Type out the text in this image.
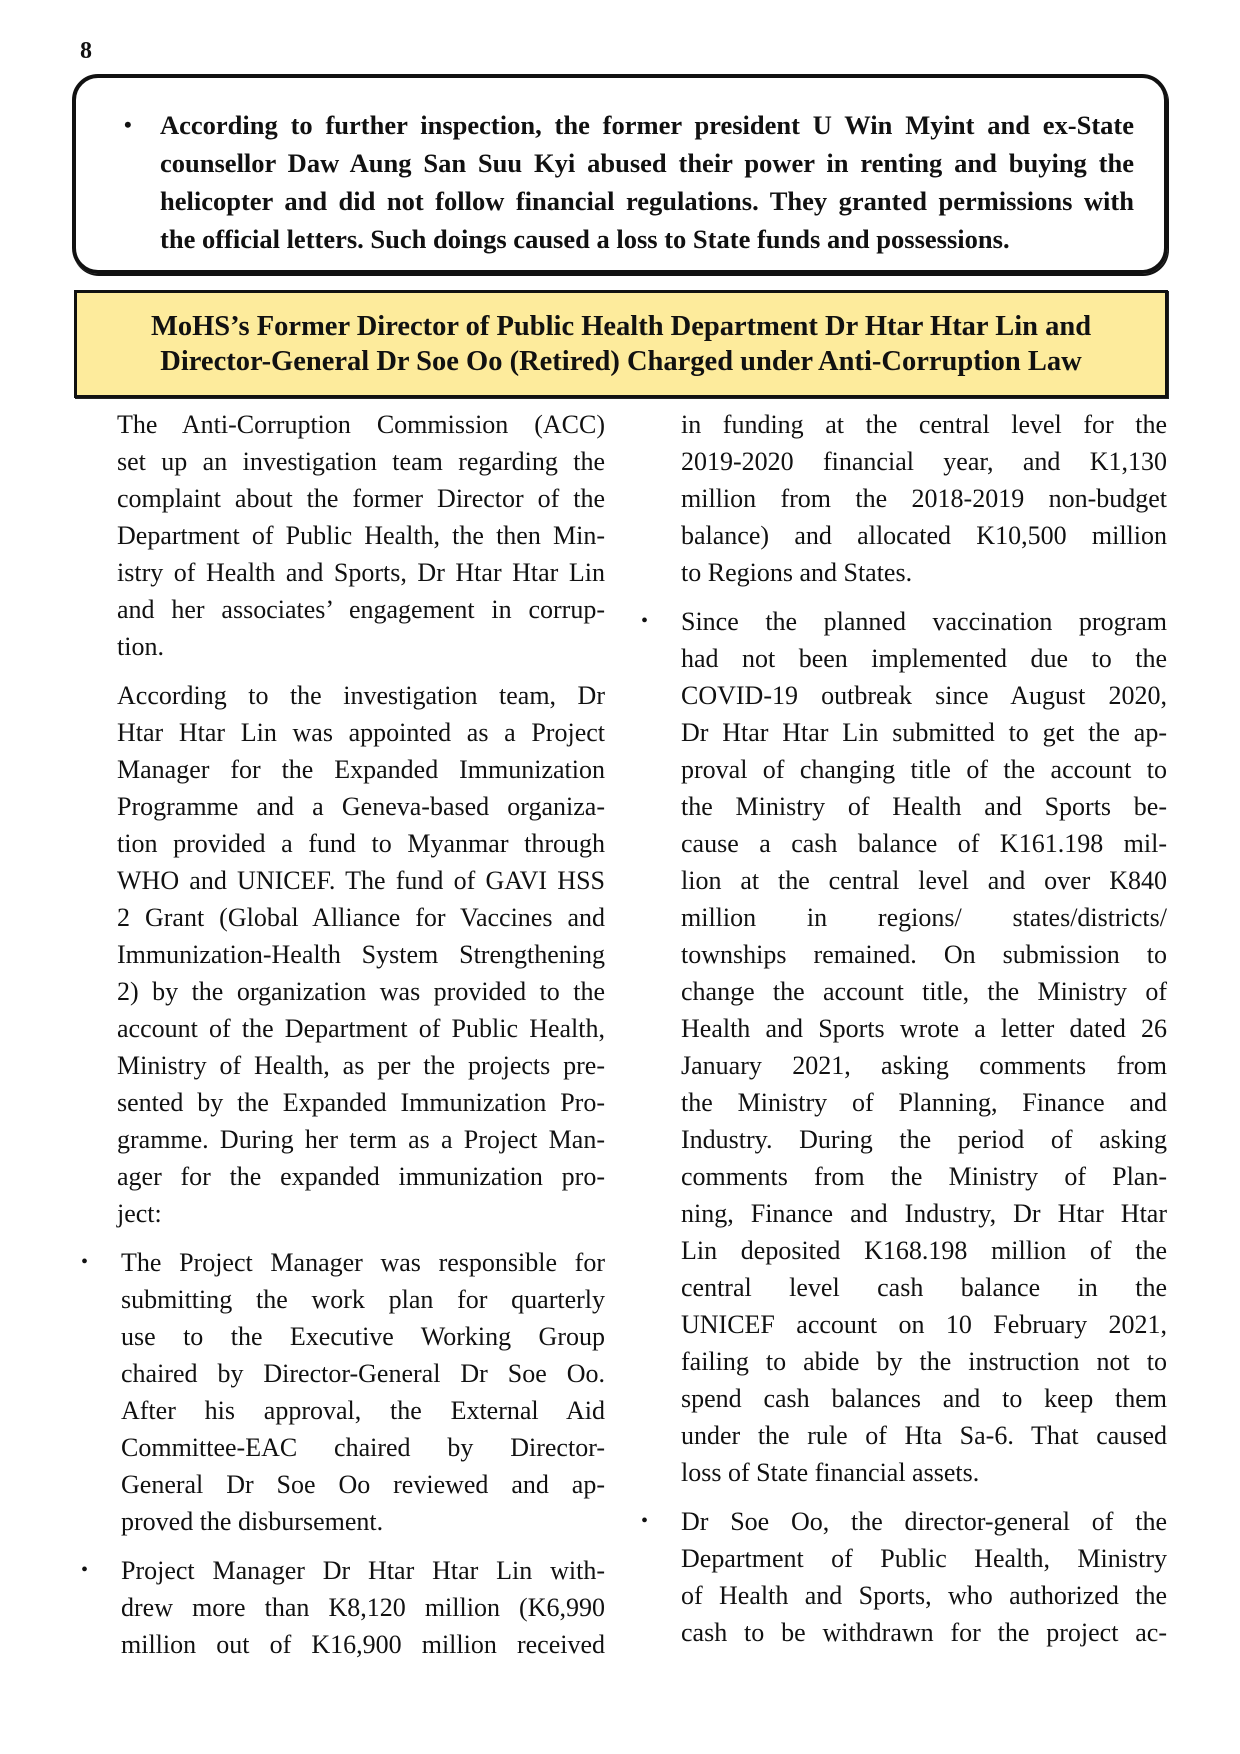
8
•	According to further inspection, the former president U Win Myint and ex-State
counsellor Daw Aung San Suu Kyi abused their power in renting and buying the
helicopter and did not follow financial regulations. They granted permissions with
the official letters. Such doings caused a loss to State funds and possessions.
MoHS’s Former Director of Public Health Department Dr Htar Htar Lin and
Director-General Dr Soe Oo (Retired) Charged under Anti-Corruption Law
The Anti-Corruption Commission (ACC)
set up an investigation team regarding the
complaint about the former Director of the
Department of Public Health, the then Min-
istry of Health and Sports, Dr Htar Htar Lin
and her associates’ engagement in corrup-
tion.
According to the investigation team, Dr
Htar Htar Lin was appointed as a Project
Manager for the Expanded Immunization
Programme and a Geneva-based organiza-
tion provided a fund to Myanmar through
WHO and UNICEF. The fund of GAVI HSS
2 Grant (Global Alliance for Vaccines and
Immunization-Health System Strengthening
2) by the organization was provided to the
account of the Department of Public Health,
Ministry of Health, as per the projects pre-
sented by the Expanded Immunization Pro-
gramme. During her term as a Project Man-
ager for the expanded immunization pro-
ject:
•	The Project Manager was responsible for
submitting the work plan for quarterly
use to the Executive Working Group
chaired by Director-General Dr Soe Oo.
After his approval, the External Aid
Committee-EAC chaired by Director-
General Dr Soe Oo reviewed and ap-
proved the disbursement.
•	Project Manager Dr Htar Htar Lin with-
drew more than K8,120 million (K6,990
million out of K16,900 million received
in funding at the central level for the
2019-2020 financial year, and K1,130
million from the 2018-2019 non-budget
balance) and allocated K10,500 million
to Regions and States.
•	Since the planned vaccination program
had not been implemented due to the
COVID-19 outbreak since August 2020,
Dr Htar Htar Lin submitted to get the ap-
proval of changing title of the account to
the Ministry of Health and Sports be-
cause a cash balance of K161.198 mil-
lion at the central level and over K840
million in regions/ states/districts/
townships remained. On submission to
change the account title, the Ministry of
Health and Sports wrote a letter dated 26
January 2021, asking comments from
the Ministry of Planning, Finance and
Industry. During the period of asking
comments from the Ministry of Plan-
ning, Finance and Industry, Dr Htar Htar
Lin deposited K168.198 million of the
central level cash balance in the
UNICEF account on 10 February 2021,
failing to abide by the instruction not to
spend cash balances and to keep them
under the rule of Hta Sa-6. That caused
loss of State financial assets.
•	Dr Soe Oo, the director-general of the
Department of Public Health, Ministry
of Health and Sports, who authorized the
cash to be withdrawn for the project ac-
